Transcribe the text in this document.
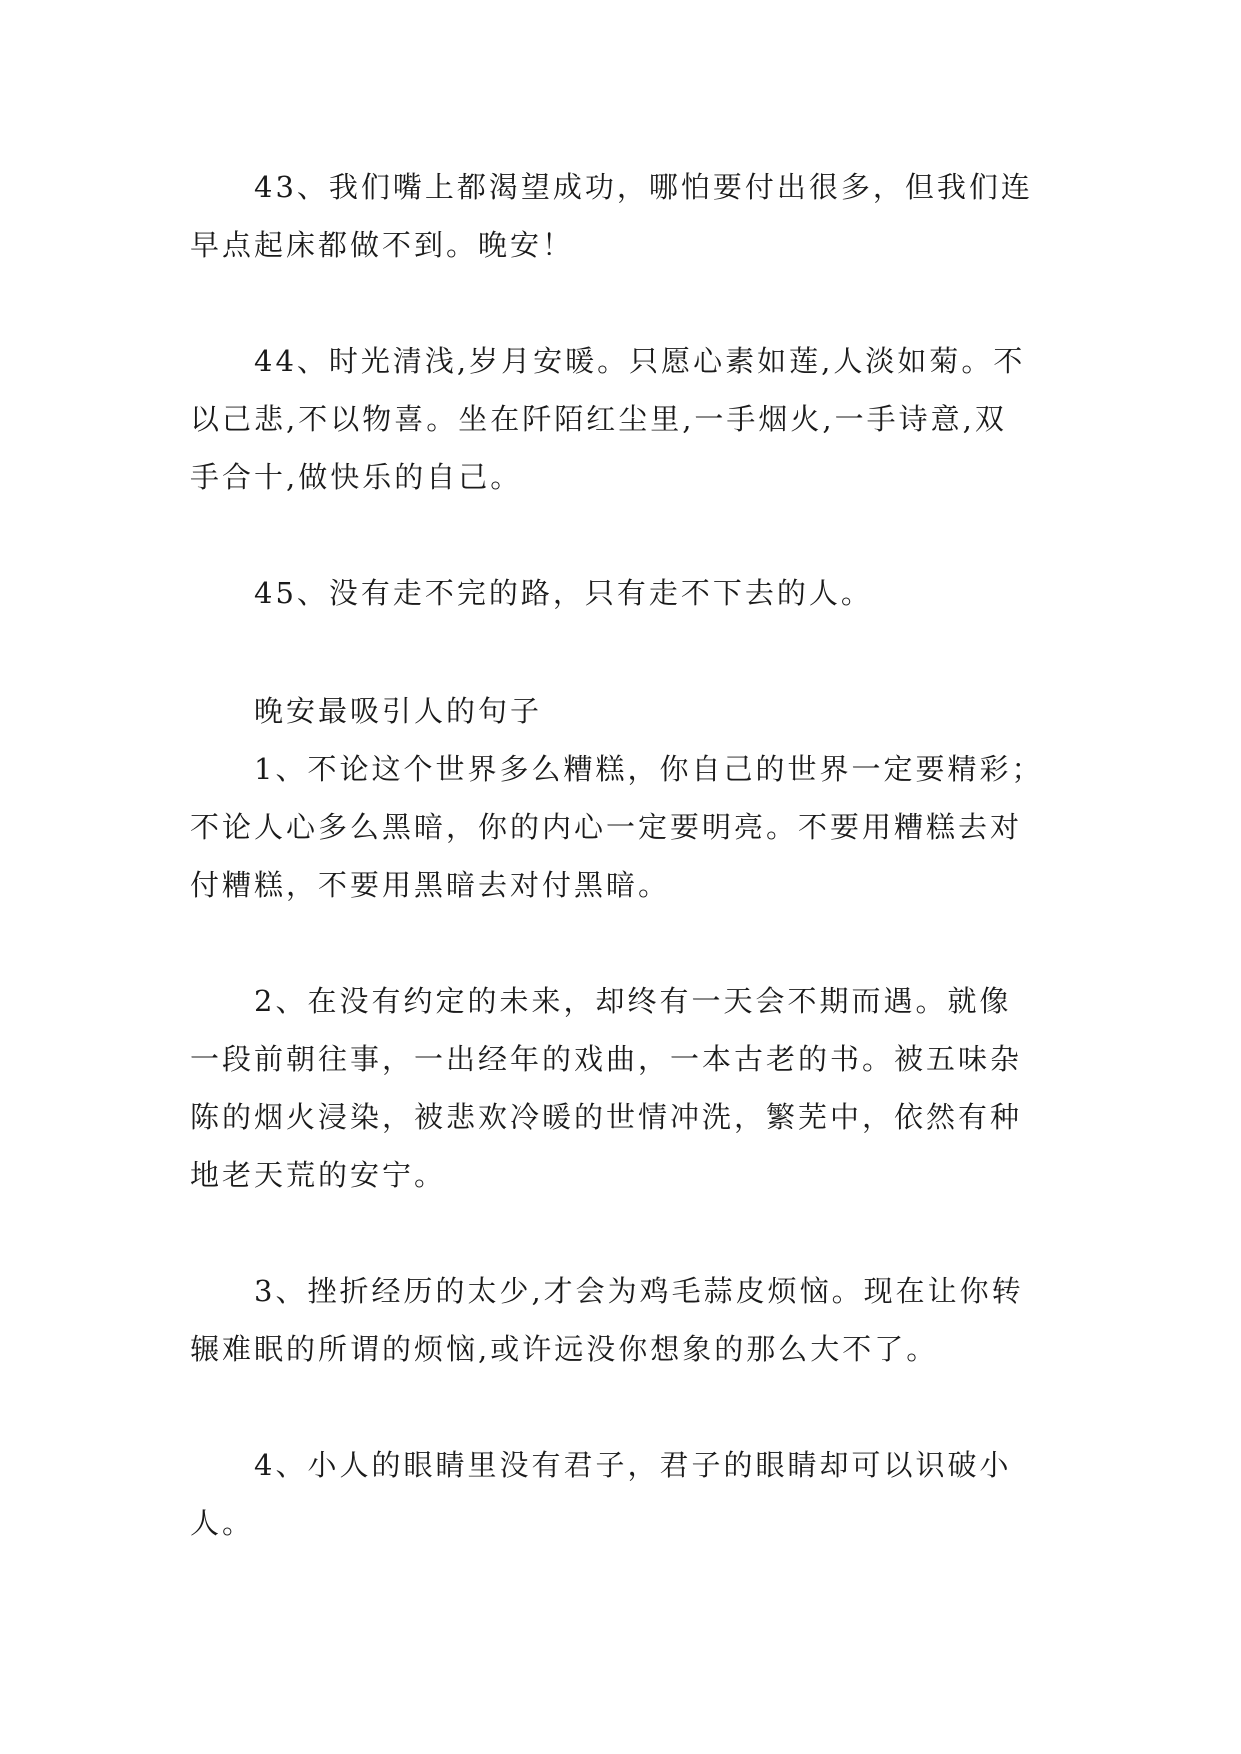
43、我们嘴上都渴望成功，哪怕要付出很多，但我们连
早点起床都做不到。晚安！

44、时光清浅,岁月安暖。只愿心素如莲,人淡如菊。不
以己悲,不以物喜。坐在阡陌红尘里,一手烟火,一手诗意,双
手合十,做快乐的自己。

45、没有走不完的路，只有走不下去的人。

晚安最吸引人的句子

1、不论这个世界多么糟糕，你自己的世界一定要精彩；
不论人心多么黑暗，你的内心一定要明亮。不要用糟糕去对
付糟糕，不要用黑暗去对付黑暗。

2、在没有约定的未来，却终有一天会不期而遇。就像
一段前朝往事，一出经年的戏曲，一本古老的书。被五味杂
陈的烟火浸染，被悲欢冷暖的世情冲洗，繁芜中，依然有种
地老天荒的安宁。

3、挫折经历的太少,才会为鸡毛蒜皮烦恼。现在让你转
辗难眠的所谓的烦恼,或许远没你想象的那么大不了。

4、小人的眼睛里没有君子，君子的眼睛却可以识破小
人。
